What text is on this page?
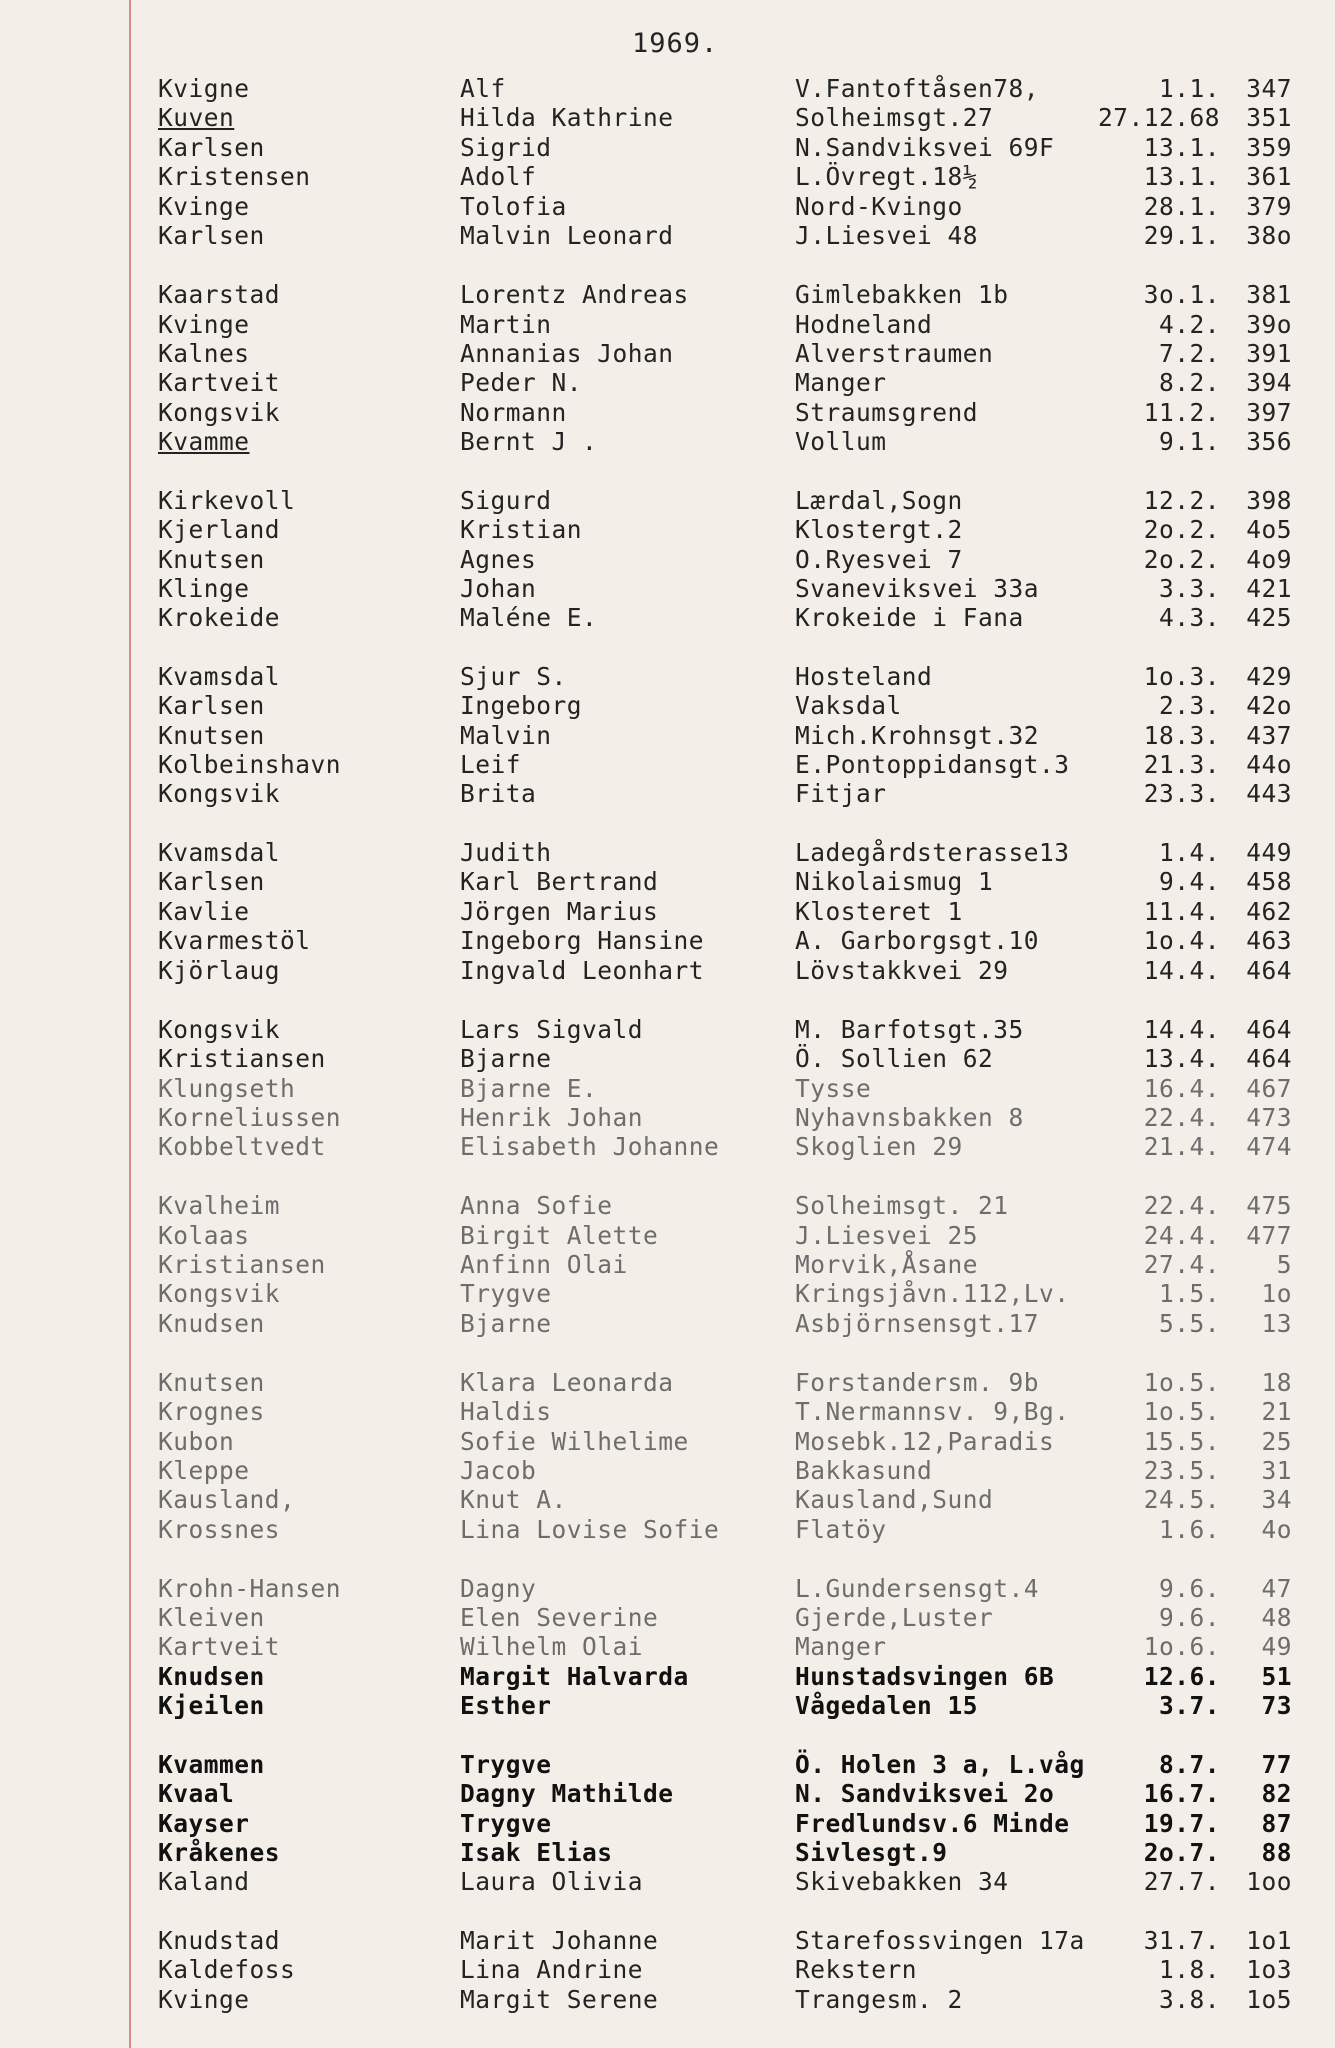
1969.
Kvigne	Alf	V.Fantoftåsen78,	1.1.	347
Kuven	Hilda Kathrine	Solheimsgt.27	27.12.68	351
Karlsen	Sigrid	N.Sandviksvei 69F	13.1.	359
Kristensen	Adolf	L.Övregt.18½	13.1.	361
Kvinge	Tolofia	Nord-Kvingo	28.1.	379
Karlsen	Malvin Leonard	J.Liesvei 48	29.1.	38o
Kaarstad	Lorentz Andreas	Gimlebakken 1b	3o.1.	381
Kvinge	Martin	Hodneland	4.2.	39o
Kalnes	Annanias Johan	Alverstraumen	7.2.	391
Kartveit	Peder N.	Manger	8.2.	394
Kongsvik	Normann	Straumsgrend	11.2.	397
Kvamme	Bernt J .	Vollum	9.1.	356
Kirkevoll	Sigurd	Lærdal,Sogn	12.2.	398
Kjerland	Kristian	Klostergt.2	2o.2.	4o5
Knutsen	Agnes	O.Ryesvei 7	2o.2.	4o9
Klinge	Johan	Svaneviksvei 33a	3.3.	421
Krokeide	Maléne E.	Krokeide i Fana	4.3.	425
Kvamsdal	Sjur S.	Hosteland	1o.3.	429
Karlsen	Ingeborg	Vaksdal	2.3.	42o
Knutsen	Malvin	Mich.Krohnsgt.32	18.3.	437
Kolbeinshavn	Leif	E.Pontoppidansgt.3	21.3.	44o
Kongsvik	Brita	Fitjar	23.3.	443
Kvamsdal	Judith	Ladegårdsterasse13	1.4.	449
Karlsen	Karl Bertrand	Nikolaismug 1	9.4.	458
Kavlie	Jörgen Marius	Klosteret 1	11.4.	462
Kvarmestöl	Ingeborg Hansine	A. Garborgsgt.10	1o.4.	463
Kjörlaug	Ingvald Leonhart	Lövstakkvei 29	14.4.	464
Kongsvik	Lars Sigvald	M. Barfotsgt.35	14.4.	464
Kristiansen	Bjarne	Ö. Sollien 62	13.4.	464
Klungseth	Bjarne E.	Tysse	16.4.	467
Korneliussen	Henrik Johan	Nyhavnsbakken 8	22.4.	473
Kobbeltvedt	Elisabeth Johanne	Skoglien 29	21.4.	474
Kvalheim	Anna Sofie	Solheimsgt. 21	22.4.	475
Kolaas	Birgit Alette	J.Liesvei 25	24.4.	477
Kristiansen	Anfinn Olai	Morvik,Åsane	27.4.	5
Kongsvik	Trygve	Kringsjåvn.112,Lv.	1.5.	1o
Knudsen	Bjarne	Asbjörnsensgt.17	5.5.	13
Knutsen	Klara Leonarda	Forstandersm. 9b	1o.5.	18
Krognes	Haldis	T.Nermannsv. 9,Bg.	1o.5.	21
Kubon	Sofie Wilhelime	Mosebk.12,Paradis	15.5.	25
Kleppe	Jacob	Bakkasund	23.5.	31
Kausland,	Knut A.	Kausland,Sund	24.5.	34
Krossnes	Lina Lovise Sofie	Flatöy	1.6.	4o
Krohn-Hansen	Dagny	L.Gundersensgt.4	9.6.	47
Kleiven	Elen Severine	Gjerde,Luster	9.6.	48
Kartveit	Wilhelm Olai	Manger	1o.6.	49
Knudsen	Margit Halvarda	Hunstadsvingen 6B	12.6.	51
Kjeilen	Esther	Vågedalen 15	3.7.	73
Kvammen	Trygve	Ö. Holen 3 a, L.våg	8.7.	77
Kvaal	Dagny Mathilde	N. Sandviksvei 2o	16.7.	82
Kayser	Trygve	Fredlundsv.6 Minde	19.7.	87
Kråkenes	Isak Elias	Sivlesgt.9	2o.7.	88
Kaland	Laura Olivia	Skivebakken 34	27.7.	1oo
Knudstad	Marit Johanne	Starefossvingen 17a	31.7.	1o1
Kaldefoss	Lina Andrine	Rekstern	1.8.	1o3
Kvinge	Margit Serene	Trangesm. 2	3.8.	1o5
